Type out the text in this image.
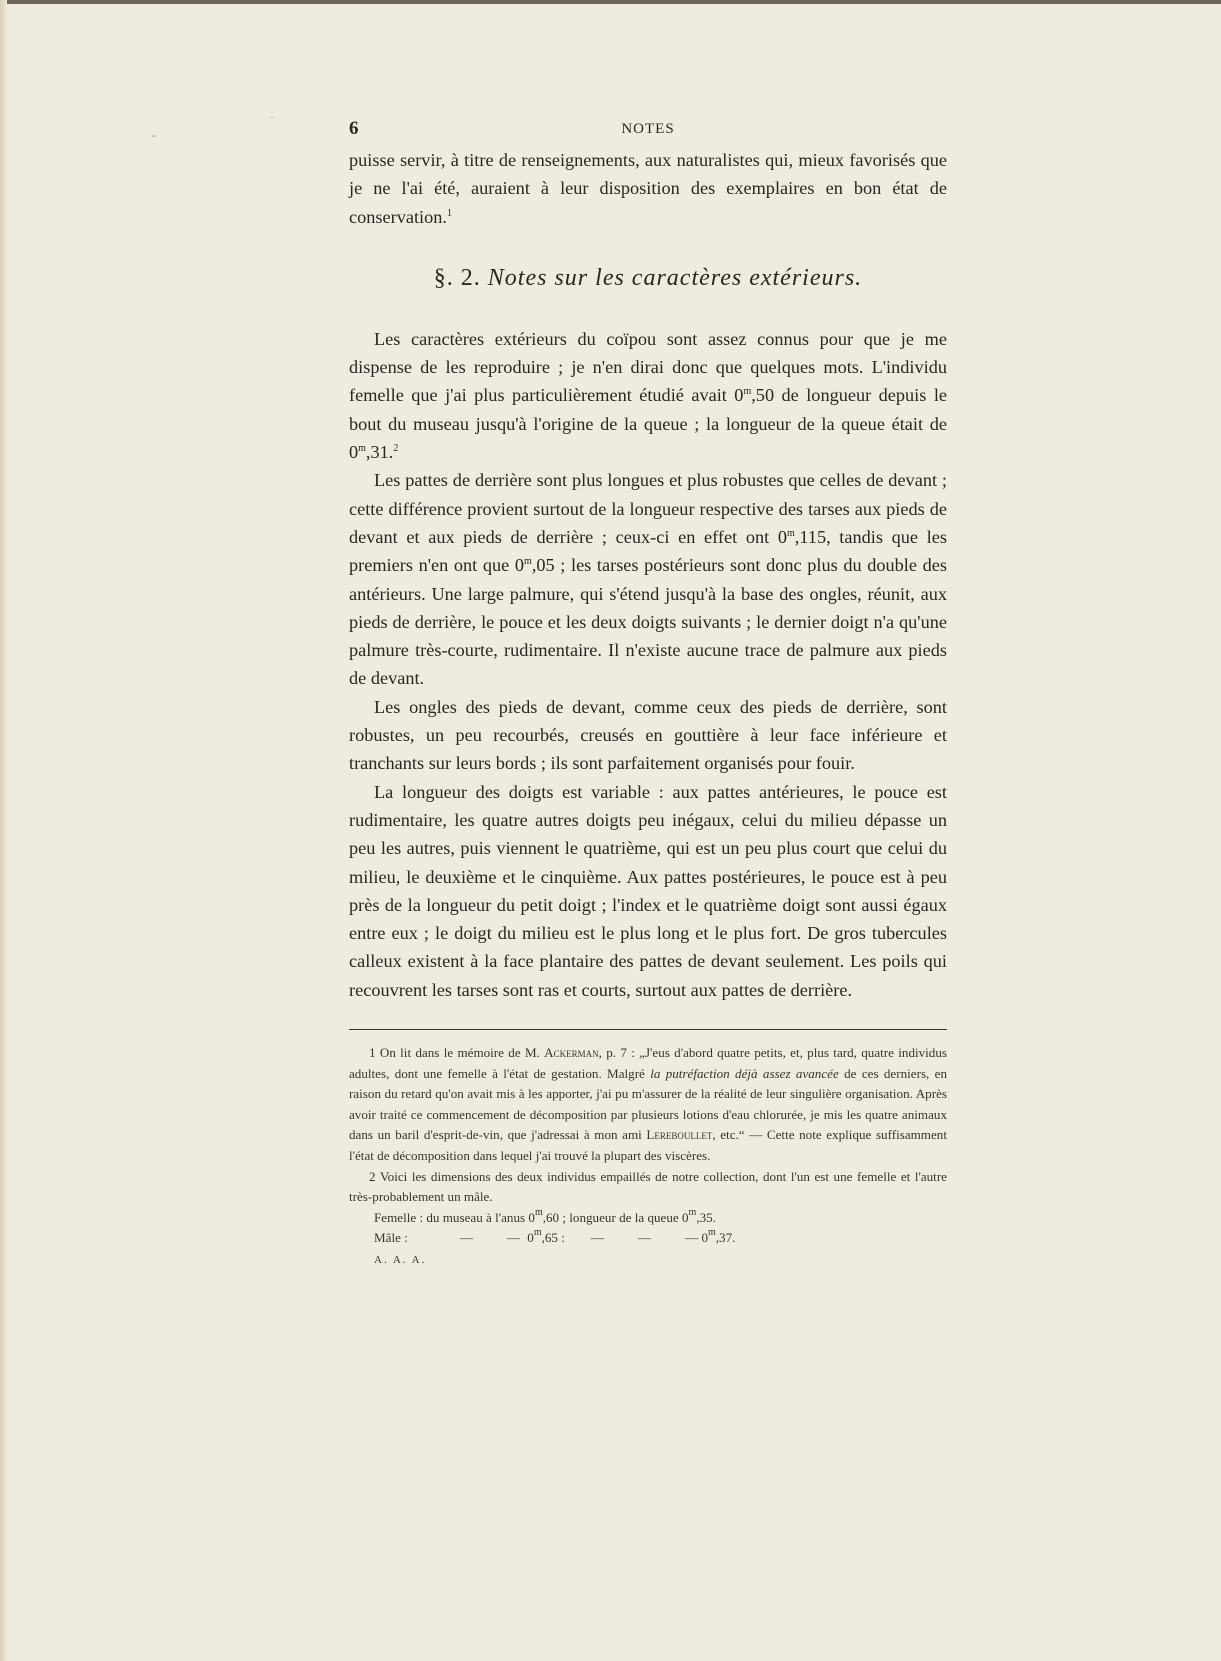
·
-	6	NOTES

puisse servir, à titre de renseignements, aux naturalistes qui, mieux favorisés que je ne l'ai été, auraient à leur disposition des exemplaires en bon état de conservation.$^1$

§. 2. Notes sur les caractères extérieurs.

Les caractères extérieurs du coïpou sont assez connus pour que je me dispense de les reproduire ; je n'en dirai donc que quelques mots. L'individu femelle que j'ai plus particulièrement étudié avait 0$^m$,50 de longueur depuis le bout du museau jusqu'à l'origine de la queue ; la longueur de la queue était de 0$^m$,31.$^2$

Les pattes de derrière sont plus longues et plus robustes que celles de devant ; cette différence provient surtout de la longueur respective des tarses aux pieds de devant et aux pieds de derrière ; ceux-ci en effet ont 0$^m$,115, tandis que les premiers n'en ont que 0$^m$,05 ; les tarses postérieurs sont donc plus du double des antérieurs. Une large palmure, qui s'étend jusqu'à la base des ongles, réunit, aux pieds de derrière, le pouce et les deux doigts suivants ; le dernier doigt n'a qu'une palmure très-courte, rudimentaire. Il n'existe aucune trace de palmure aux pieds de devant.

Les ongles des pieds de devant, comme ceux des pieds de derrière, sont robustes, un peu recourbés, creusés en gouttière à leur face inférieure et tranchants sur leurs bords ; ils sont parfaitement organisés pour fouir.

La longueur des doigts est variable : aux pattes antérieures, le pouce est rudimentaire, les quatre autres doigts peu inégaux, celui du milieu dépasse un peu les autres, puis viennent le quatrième, qui est un peu plus court que celui du milieu, le deuxième et le cinquième. Aux pattes postérieures, le pouce est à peu près de la longueur du petit doigt ; l'index et le quatrième doigt sont aussi égaux entre eux ; le doigt du milieu est le plus long et le plus fort. De gros tubercules calleux existent à la face plantaire des pattes de devant seulement. Les poils qui recouvrent les tarses sont ras et courts, surtout aux pattes de derrière.

1 On lit dans le mémoire de M. Ackerman, p. 7 : „J'eus d'abord quatre petits, et, plus tard, quatre individus adultes, dont une femelle à l'état de gestation. Malgré la putréfaction déjà assez avancée de ces derniers, en raison du retard qu'on avait mis à les apporter, j'ai pu m'assurer de la réalité de leur singulière organisation. Après avoir traité ce commencement de décomposition par plusieurs lotions d'eau chlorurée, je mis les quatre animaux dans un baril d'esprit-de-vin, que j'adressai à mon ami Lereboullet, etc.“ — Cette note explique suffisamment l'état de décomposition dans lequel j'ai trouvé la plupart des viscères.
2 Voici les dimensions des deux individus empaillés de notre collection, dont l'un est une femelle et l'autre très-probablement un mâle.
Femelle : du museau à l'anus 0$^m$,60 ; longueur de la queue 0$^m$,35.
Mâle :	—	— 0$^m$,65 : —	—	— 0$^m$,37.
A. A. A.
